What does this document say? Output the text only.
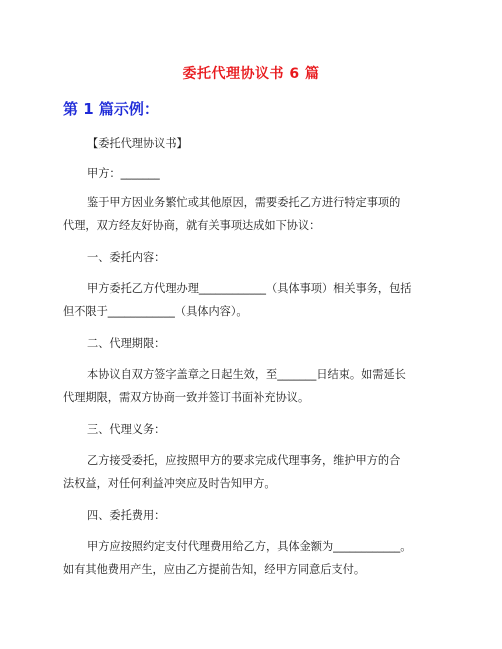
委托代理协议书 6 篇
第 1 篇示例：
【委托代理协议书】
甲方：_______
鉴于甲方因业务繁忙或其他原因，需要委托乙方进行特定事项的
代理，双方经友好协商，就有关事项达成如下协议：
一、委托内容：
甲方委托乙方代理办理____________（具体事项）相关事务，包括
但不限于____________（具体内容）。
二、代理期限：
本协议自双方签字盖章之日起生效，至_______日结束。如需延长
代理期限，需双方协商一致并签订书面补充协议。
三、代理义务：
乙方接受委托，应按照甲方的要求完成代理事务，维护甲方的合
法权益，对任何利益冲突应及时告知甲方。
四、委托费用：
甲方应按照约定支付代理费用给乙方，具体金额为____________。
如有其他费用产生，应由乙方提前告知，经甲方同意后支付。
